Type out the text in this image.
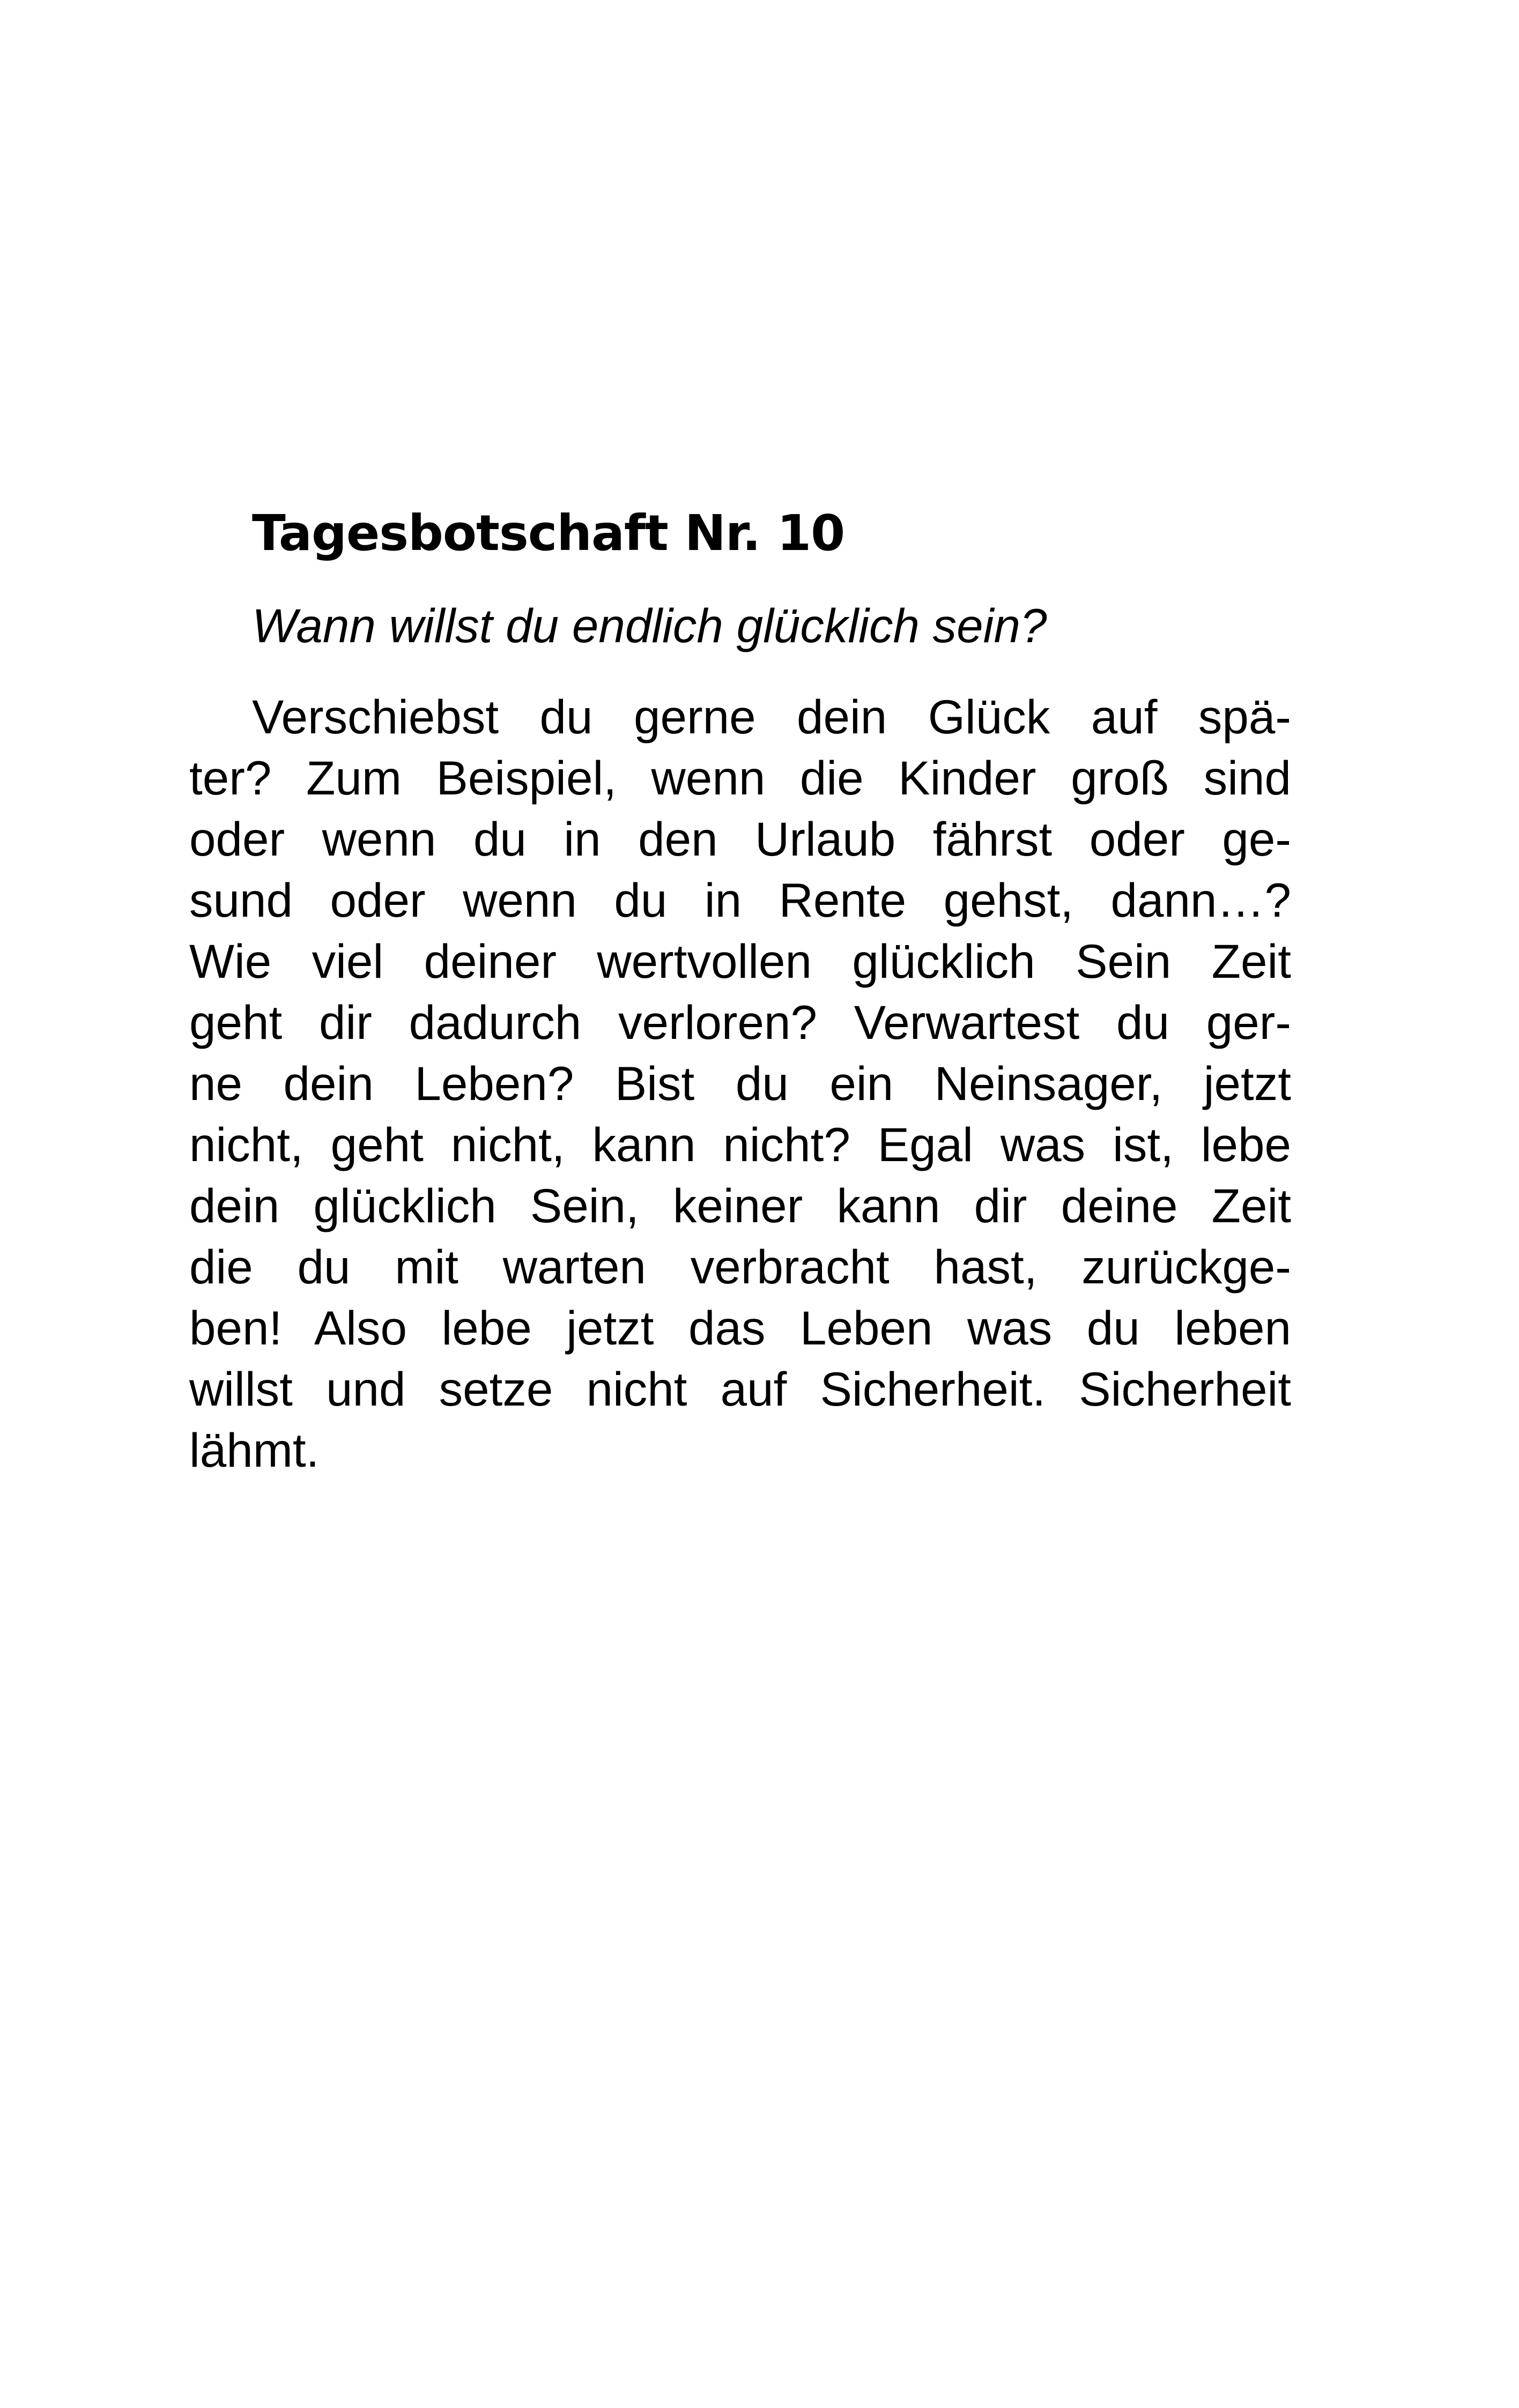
Tagesbotschaft Nr. 10

Wann willst du endlich glücklich sein?

Verschiebst du gerne dein Glück auf spä-
ter? Zum Beispiel, wenn die Kinder groß sind
oder wenn du in den Urlaub fährst oder ge-
sund oder wenn du in Rente gehst, dann…?
Wie viel deiner wertvollen glücklich Sein Zeit
geht dir dadurch verloren? Verwartest du ger-
ne dein Leben? Bist du ein Neinsager, jetzt
nicht, geht nicht, kann nicht? Egal was ist, lebe
dein glücklich Sein, keiner kann dir deine Zeit
die du mit warten verbracht hast, zurückge-
ben! Also lebe jetzt das Leben was du leben
willst und setze nicht auf Sicherheit. Sicherheit
lähmt.
